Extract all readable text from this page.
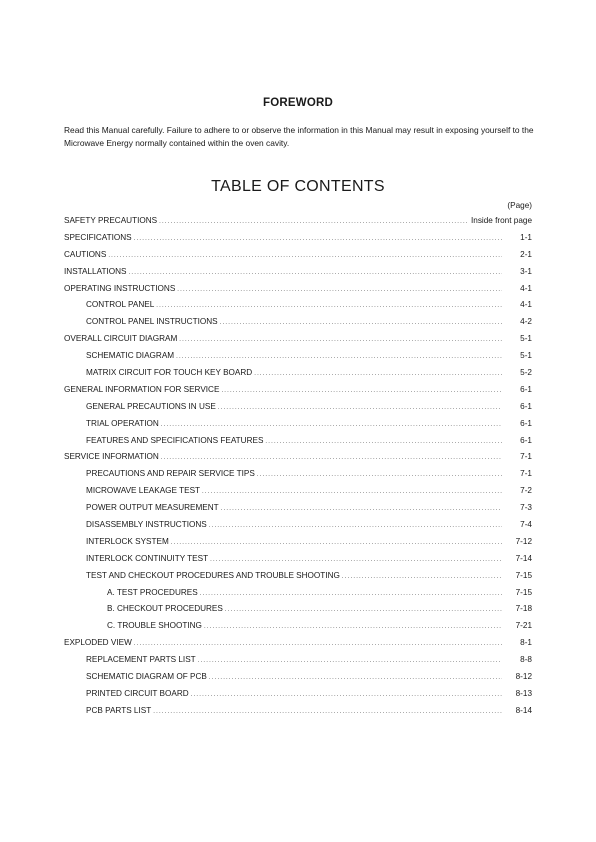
FOREWORD
Read this Manual carefully. Failure to adhere to or observe the information in this Manual may result in exposing yourself to the Microwave Energy normally contained within the oven cavity.
TABLE OF CONTENTS
(Page)
SAFETY PRECAUTIONS .....	Inside front page
SPECIFICATIONS .....	1-1
CAUTIONS .....	2-1
INSTALLATIONS .....	3-1
OPERATING INSTRUCTIONS .....	4-1
CONTROL PANEL .....	4-1
CONTROL PANEL INSTRUCTIONS .....	4-2
OVERALL CIRCUIT DIAGRAM .....	5-1
SCHEMATIC DIAGRAM .....	5-1
MATRIX CIRCUIT FOR TOUCH KEY BOARD .....	5-2
GENERAL INFORMATION FOR SERVICE .....	6-1
GENERAL PRECAUTIONS IN USE .....	6-1
TRIAL OPERATION .....	6-1
FEATURES AND SPECIFICATIONS FEATURES .....	6-1
SERVICE INFORMATION .....	7-1
PRECAUTIONS AND REPAIR SERVICE TIPS .....	7-1
MICROWAVE LEAKAGE TEST .....	7-2
POWER OUTPUT MEASUREMENT .....	7-3
DISASSEMBLY INSTRUCTIONS .....	7-4
INTERLOCK SYSTEM .....	7-12
INTERLOCK CONTINUITY TEST .....	7-14
TEST AND CHECKOUT PROCEDURES AND TROUBLE SHOOTING .....	7-15
A. TEST PROCEDURES .....	7-15
B. CHECKOUT PROCEDURES .....	7-18
C. TROUBLE SHOOTING .....	7-21
EXPLODED VIEW .....	8-1
REPLACEMENT PARTS LIST .....	8-8
SCHEMATIC DIAGRAM OF PCB .....	8-12
PRINTED CIRCUIT BOARD .....	8-13
PCB PARTS LIST .....	8-14
